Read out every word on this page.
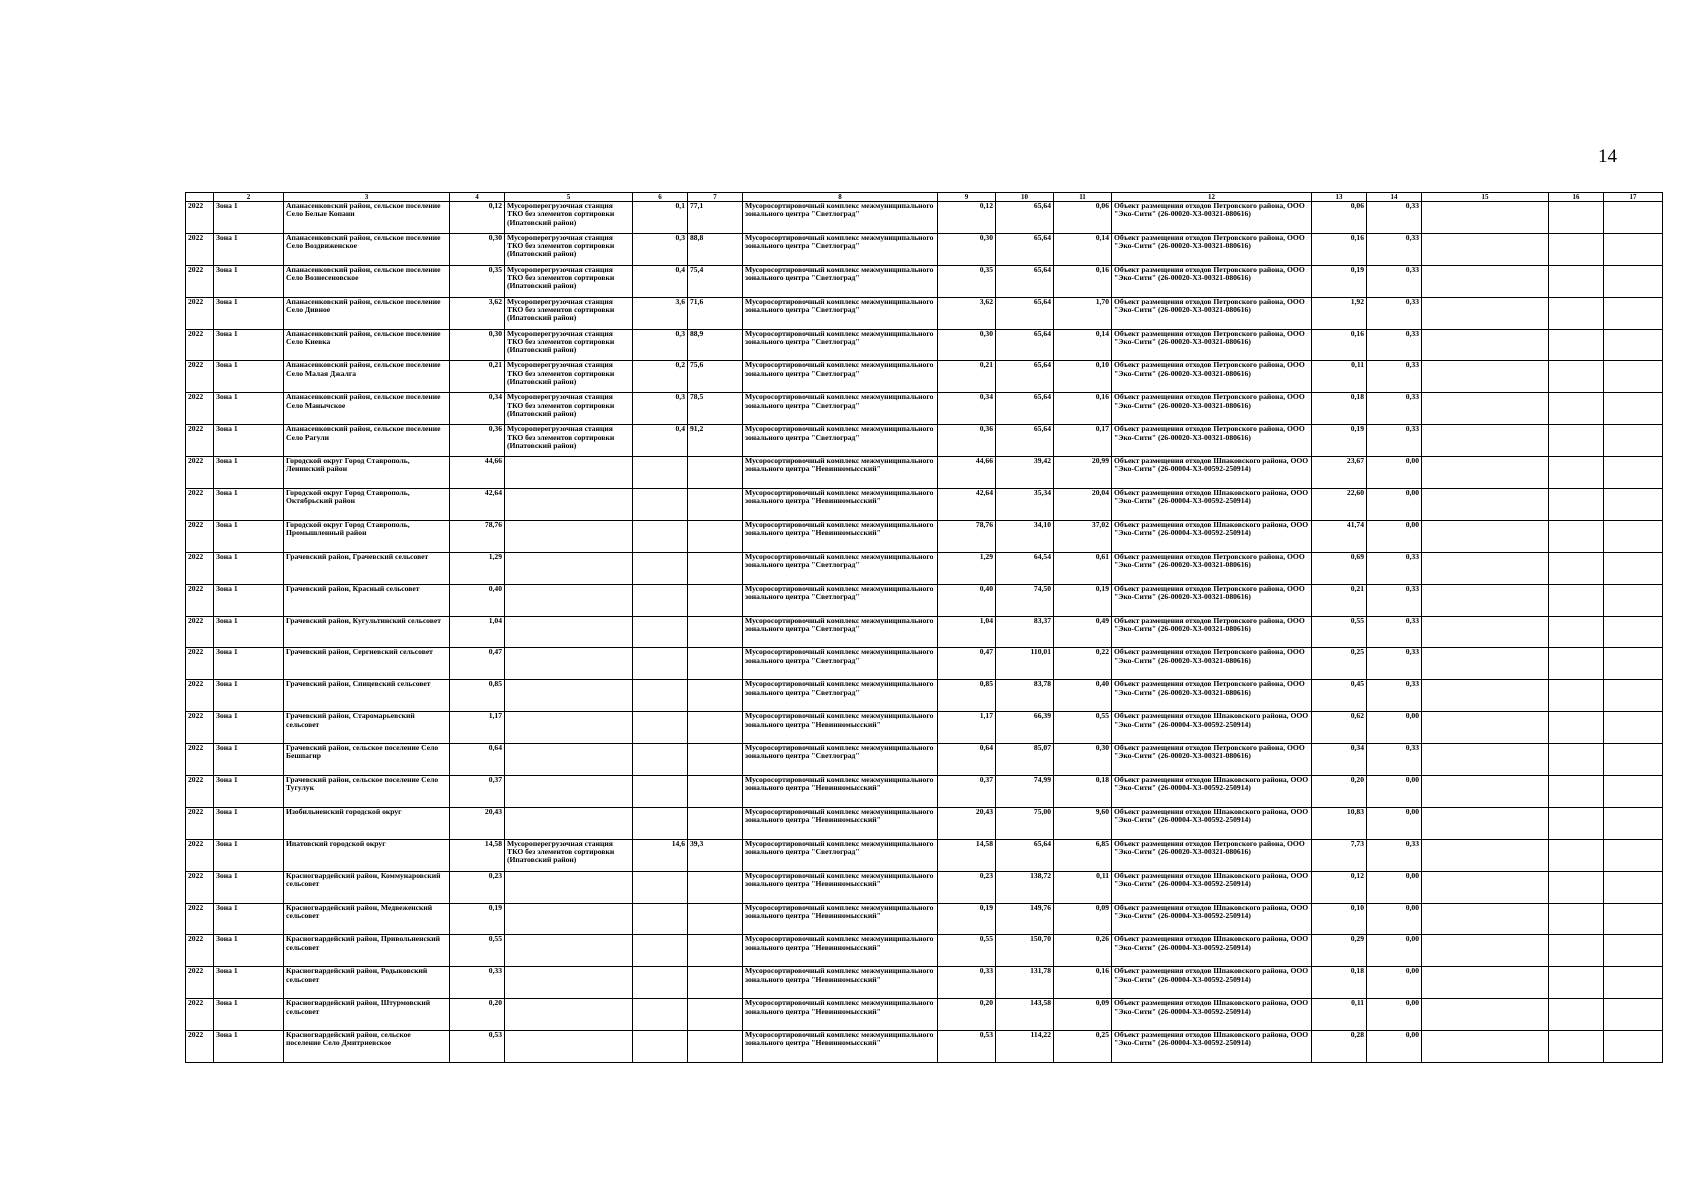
14
	2	3	4	5	6	7	8	9	10	11	12	13	14	15	16	17
2022	Зона 1	Апанасенковский район, сельское поселение Село Белые Копани	0,12	Мусороперегрузочная станция ТКО без элементов сортировки (Ипатовский район)	0,1	77,1	Мусоросортировочный комплекс межмуниципального зонального центра "Светлоград"	0,12	65,64	0,06	Объект размещения отходов Петровского района, ООО "Эко-Сити" (26-00020-Х3-00321-080616)	0,06	0,33			
2022	Зона 1	Апанасенковский район, сельское поселение Село Воздвиженское	0,30	Мусороперегрузочная станция ТКО без элементов сортировки (Ипатовский район)	0,3	88,8	Мусоросортировочный комплекс межмуниципального зонального центра "Светлоград"	0,30	65,64	0,14	Объект размещения отходов Петровского района, ООО "Эко-Сити" (26-00020-Х3-00321-080616)	0,16	0,33			
2022	Зона 1	Апанасенковский район, сельское поселение Село Вознесеновское	0,35	Мусороперегрузочная станция ТКО без элементов сортировки (Ипатовский район)	0,4	75,4	Мусоросортировочный комплекс межмуниципального зонального центра "Светлоград"	0,35	65,64	0,16	Объект размещения отходов Петровского района, ООО "Эко-Сити" (26-00020-Х3-00321-080616)	0,19	0,33			
2022	Зона 1	Апанасенковский район, сельское поселение Село Дивное	3,62	Мусороперегрузочная станция ТКО без элементов сортировки (Ипатовский район)	3,6	71,6	Мусоросортировочный комплекс межмуниципального зонального центра "Светлоград"	3,62	65,64	1,70	Объект размещения отходов Петровского района, ООО "Эко-Сити" (26-00020-Х3-00321-080616)	1,92	0,33			
2022	Зона 1	Апанасенковский район, сельское поселение Село Киевка	0,30	Мусороперегрузочная станция ТКО без элементов сортировки (Ипатовский район)	0,3	88,9	Мусоросортировочный комплекс межмуниципального зонального центра "Светлоград"	0,30	65,64	0,14	Объект размещения отходов Петровского района, ООО "Эко-Сити" (26-00020-Х3-00321-080616)	0,16	0,33			
2022	Зона 1	Апанасенковский район, сельское поселение Село Малая Джалга	0,21	Мусороперегрузочная станция ТКО без элементов сортировки (Ипатовский район)	0,2	75,6	Мусоросортировочный комплекс межмуниципального зонального центра "Светлоград"	0,21	65,64	0,10	Объект размещения отходов Петровского района, ООО "Эко-Сити" (26-00020-Х3-00321-080616)	0,11	0,33			
2022	Зона 1	Апанасенковский район, сельское поселение Село Манычское	0,34	Мусороперегрузочная станция ТКО без элементов сортировки (Ипатовский район)	0,3	78,5	Мусоросортировочный комплекс межмуниципального зонального центра "Светлоград"	0,34	65,64	0,16	Объект размещения отходов Петровского района, ООО "Эко-Сити" (26-00020-Х3-00321-080616)	0,18	0,33			
2022	Зона 1	Апанасенковский район, сельское поселение Село Рагули	0,36	Мусороперегрузочная станция ТКО без элементов сортировки (Ипатовский район)	0,4	91,2	Мусоросортировочный комплекс межмуниципального зонального центра "Светлоград"	0,36	65,64	0,17	Объект размещения отходов Петровского района, ООО "Эко-Сити" (26-00020-Х3-00321-080616)	0,19	0,33			
2022	Зона 1	Городской округ Город Ставрополь, Ленинский район	44,66				Мусоросортировочный комплекс межмуниципального зонального центра "Невинномысский"	44,66	39,42	20,99	Объект размещения отходов Шпаковского района, ООО "Эко-Сити" (26-00004-Х3-00592-250914)	23,67	0,00			
2022	Зона 1	Городской округ Город Ставрополь, Октябрьский район	42,64				Мусоросортировочный комплекс межмуниципального зонального центра "Невинномысский"	42,64	35,34	20,04	Объект размещения отходов Шпаковского района, ООО "Эко-Сити" (26-00004-Х3-00592-250914)	22,60	0,00			
2022	Зона 1	Городской округ Город Ставрополь, Промышленный район	78,76				Мусоросортировочный комплекс межмуниципального зонального центра "Невинномысский"	78,76	34,10	37,02	Объект размещения отходов Шпаковского района, ООО "Эко-Сити" (26-00004-Х3-00592-250914)	41,74	0,00			
2022	Зона 1	Грачевский район, Грачевский сельсовет	1,29				Мусоросортировочный комплекс межмуниципального зонального центра "Светлоград"	1,29	64,54	0,61	Объект размещения отходов Петровского района, ООО "Эко-Сити" (26-00020-Х3-00321-080616)	0,69	0,33			
2022	Зона 1	Грачевский район, Красный сельсовет	0,40				Мусоросортировочный комплекс межмуниципального зонального центра "Светлоград"	0,40	74,50	0,19	Объект размещения отходов Петровского района, ООО "Эко-Сити" (26-00020-Х3-00321-080616)	0,21	0,33			
2022	Зона 1	Грачевский район, Кугультинский сельсовет	1,04				Мусоросортировочный комплекс межмуниципального зонального центра "Светлоград"	1,04	83,37	0,49	Объект размещения отходов Петровского района, ООО "Эко-Сити" (26-00020-Х3-00321-080616)	0,55	0,33			
2022	Зона 1	Грачевский район, Сергиевский сельсовет	0,47				Мусоросортировочный комплекс межмуниципального зонального центра "Светлоград"	0,47	110,01	0,22	Объект размещения отходов Петровского района, ООО "Эко-Сити" (26-00020-Х3-00321-080616)	0,25	0,33			
2022	Зона 1	Грачевский район, Спицевский сельсовет	0,85				Мусоросортировочный комплекс межмуниципального зонального центра "Светлоград"	0,85	83,78	0,40	Объект размещения отходов Петровского района, ООО "Эко-Сити" (26-00020-Х3-00321-080616)	0,45	0,33			
2022	Зона 1	Грачевский район, Старомарьевский сельсовет	1,17				Мусоросортировочный комплекс межмуниципального зонального центра "Невинномысский"	1,17	66,39	0,55	Объект размещения отходов Шпаковского района, ООО "Эко-Сити" (26-00004-Х3-00592-250914)	0,62	0,00			
2022	Зона 1	Грачевский район, сельское поселение Село Бешпагир	0,64				Мусоросортировочный комплекс межмуниципального зонального центра "Светлоград"	0,64	85,07	0,30	Объект размещения отходов Петровского района, ООО "Эко-Сити" (26-00020-Х3-00321-080616)	0,34	0,33			
2022	Зона 1	Грачевский район, сельское поселение Село Тугулук	0,37				Мусоросортировочный комплекс межмуниципального зонального центра "Невинномысский"	0,37	74,99	0,18	Объект размещения отходов Шпаковского района, ООО "Эко-Сити" (26-00004-Х3-00592-250914)	0,20	0,00			
2022	Зона 1	Изобильненский городской округ	20,43				Мусоросортировочный комплекс межмуниципального зонального центра "Невинномысский"	20,43	75,00	9,60	Объект размещения отходов Шпаковского района, ООО "Эко-Сити" (26-00004-Х3-00592-250914)	10,83	0,00			
2022	Зона 1	Ипатовский городской округ	14,58	Мусороперегрузочная станция ТКО без элементов сортировки (Ипатовский район)	14,6	39,3	Мусоросортировочный комплекс межмуниципального зонального центра "Светлоград"	14,58	65,64	6,85	Объект размещения отходов Петровского района, ООО "Эко-Сити" (26-00020-Х3-00321-080616)	7,73	0,33			
2022	Зона 1	Красногвардейский район, Коммунаровский сельсовет	0,23				Мусоросортировочный комплекс межмуниципального зонального центра "Невинномысский"	0,23	138,72	0,11	Объект размещения отходов Шпаковского района, ООО "Эко-Сити" (26-00004-Х3-00592-250914)	0,12	0,00			
2022	Зона 1	Красногвардейский район, Медвеженский сельсовет	0,19				Мусоросортировочный комплекс межмуниципального зонального центра "Невинномысский"	0,19	149,76	0,09	Объект размещения отходов Шпаковского района, ООО "Эко-Сити" (26-00004-Х3-00592-250914)	0,10	0,00			
2022	Зона 1	Красногвардейский район, Привольненский сельсовет	0,55				Мусоросортировочный комплекс межмуниципального зонального центра "Невинномысский"	0,55	150,70	0,26	Объект размещения отходов Шпаковского района, ООО "Эко-Сити" (26-00004-Х3-00592-250914)	0,29	0,00			
2022	Зона 1	Красногвардейский район, Родыковский сельсовет	0,33				Мусоросортировочный комплекс межмуниципального зонального центра "Невинномысский"	0,33	131,78	0,16	Объект размещения отходов Шпаковского района, ООО "Эко-Сити" (26-00004-Х3-00592-250914)	0,18	0,00			
2022	Зона 1	Красногвардейский район, Штурмовский сельсовет	0,20				Мусоросортировочный комплекс межмуниципального зонального центра "Невинномысский"	0,20	143,58	0,09	Объект размещения отходов Шпаковского района, ООО "Эко-Сити" (26-00004-Х3-00592-250914)	0,11	0,00			
2022	Зона 1	Красногвардейский район, сельское поселение Село Дмитриевское	0,53				Мусоросортировочный комплекс межмуниципального зонального центра "Невинномысский"	0,53	114,22	0,25	Объект размещения отходов Шпаковского района, ООО "Эко-Сити" (26-00004-Х3-00592-250914)	0,28	0,00			
